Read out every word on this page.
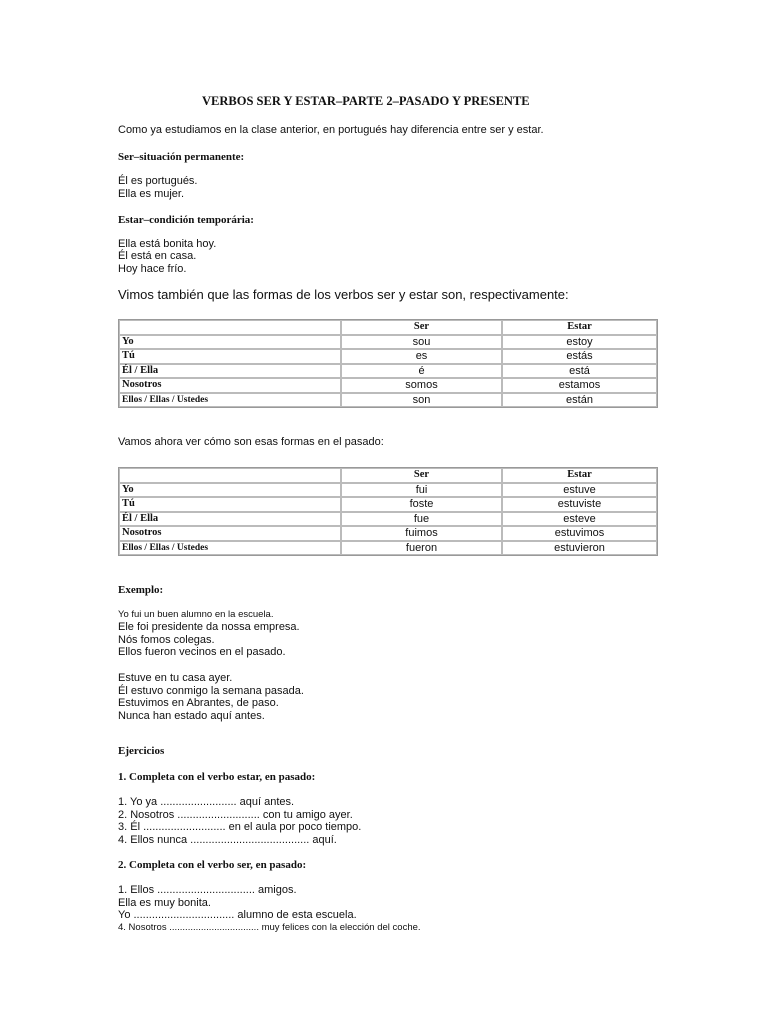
VERBOS SER Y ESTAR–PARTE 2–PASADO Y PRESENTE
Como ya estudiamos en la clase anterior, en portugués hay diferencia entre ser y estar.
Ser–situación permanente:
Él es portugués.
Ella es mujer.
Estar–condición temporária:
Ella está bonita hoy.
Él está en casa.
Hoy hace frío.
Vimos también que las formas de los verbos ser y estar son, respectivamente:
	Ser	Estar
Yo	sou	estoy
Tú	es	estás
Él / Ella	é	está
Nosotros	somos	estamos
Ellos / Ellas / Ustedes	son	están
Vamos ahora ver cómo son esas formas en el pasado:
	Ser	Estar
Yo	fui	estuve
Tú	foste	estuviste
Él / Ella	fue	esteve
Nosotros	fuimos	estuvimos
Ellos / Ellas / Ustedes	fueron	estuvieron
Exemplo:
Yo fui un buen alumno en la escuela.
Ele foi presidente da nossa empresa.
Nós fomos colegas.
Ellos fueron vecinos en el pasado.
Estuve en tu casa ayer.
Él estuvo conmigo la semana pasada.
Estuvimos en Abrantes, de paso.
Nunca han estado aquí antes.
Ejercicios
1. Completa con el verbo estar, en pasado:
1. Yo ya ......................... aquí antes.
2. Nosotros ........................... con tu amigo ayer.
3. Él ........................... en el aula por poco tiempo.
4. Ellos nunca ....................................... aquí.
2. Completa con el verbo ser, en pasado:
1. Ellos ................................ amigos.
Ella es muy bonita.
Yo ................................. alumno de esta escuela.
4. Nosotros .................................. muy felices con la elección del coche.
